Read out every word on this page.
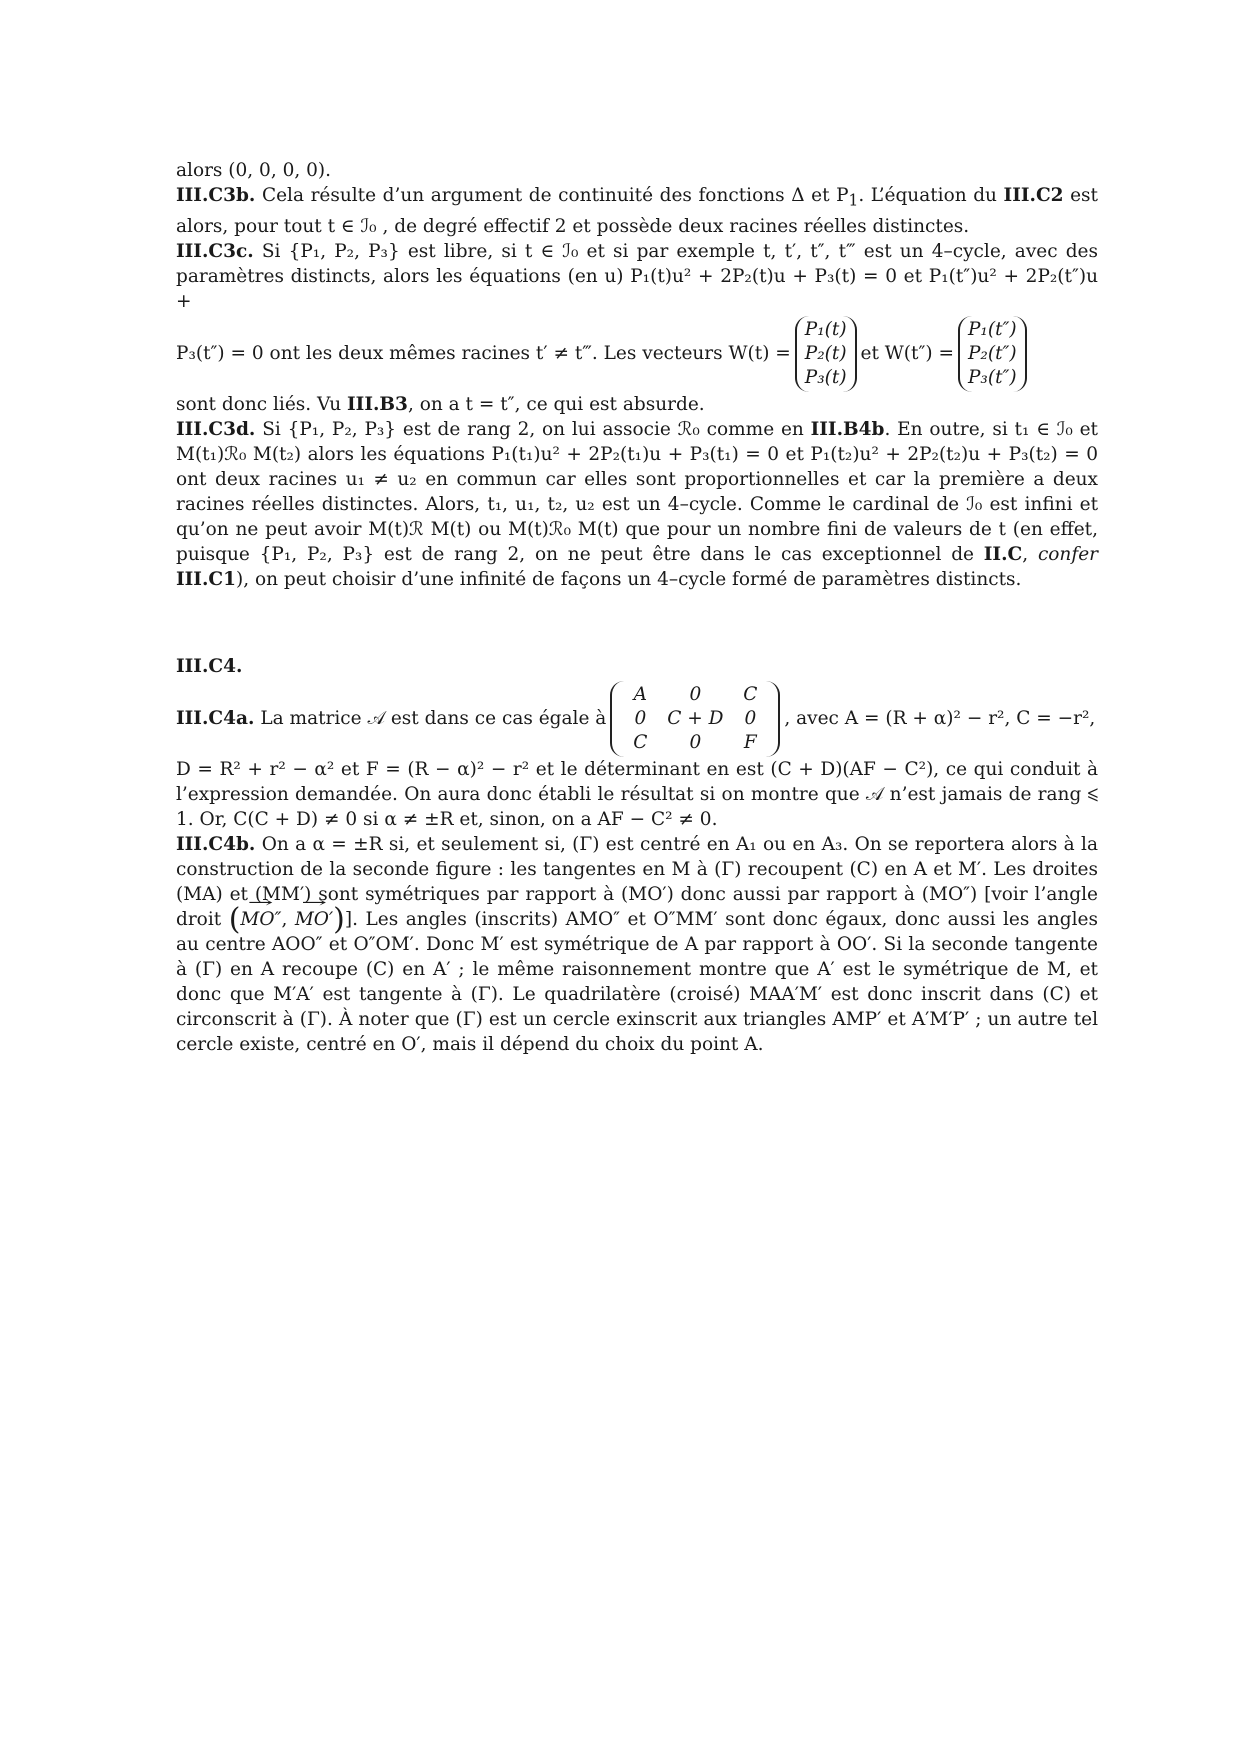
alors (0, 0, 0, 0).

III.C3b. Cela résulte d’un argument de continuité des fonctions Δ et $P_1$. L’équation du III.C2 est alors, pour tout t ∈ ℐ₀ , de degré effectif 2 et possède deux racines réelles distinctes.

III.C3c. Si {P₁, P₂, P₃} est libre, si t ∈ ℐ₀ et si par exemple t, t′, t″, t‴ est un 4–cycle, avec des paramètres distincts, alors les équations (en u) P₁(t)u² + 2P₂(t)u + P₃(t) = 0 et P₁(t″)u² + 2P₂(t″)u +

P₃(t″) = 0 ont les deux mêmes racines t′ ≠ t‴. Les vecteurs W(t) =
P₁(t)
P₂(t)
P₃(t)
et W(t″) =
P₁(t″)
P₂(t″)
P₃(t″)

sont donc liés. Vu III.B3, on a t = t″, ce qui est absurde.

III.C3d. Si {P₁, P₂, P₃} est de rang 2, on lui associe ℛ₀ comme en III.B4b. En outre, si t₁ ∈ ℐ₀ et M(t₁)ℛ₀ M(t₂) alors les équations P₁(t₁)u² + 2P₂(t₁)u + P₃(t₁) = 0 et P₁(t₂)u² + 2P₂(t₂)u + P₃(t₂) = 0 ont deux racines u₁ ≠ u₂ en commun car elles sont proportionnelles et car la première a deux racines réelles distinctes. Alors, t₁, u₁, t₂, u₂ est un 4–cycle. Comme le cardinal de ℐ₀ est infini et qu’on ne peut avoir M(t)ℛ M(t) ou M(t)ℛ₀ M(t) que pour un nombre fini de valeurs de t (en effet, puisque {P₁, P₂, P₃} est de rang 2, on ne peut être dans le cas exceptionnel de II.C, confer III.C1), on peut choisir d’une infinité de façons un 4–cycle formé de paramètres distincts.

III.C4.

III.C4a. La matrice 𝒜 est dans ce cas égale à
A	0	C
0	C + D	0
C	0	F
, avec A = (R + α)² − r², C = −r²,

D = R² + r² − α² et F = (R − α)² − r² et le déterminant en est (C + D)(AF − C²), ce qui conduit à l’expression demandée. On aura donc établi le résultat si on montre que 𝒜 n’est jamais de rang ⩽ 1. Or, C(C + D) ≠ 0 si α ≠ ±R et, sinon, on a AF − C² ≠ 0.

III.C4b. On a α = ±R si, et seulement si, (Γ) est centré en A₁ ou en A₃. On se reportera alors à la construction de la seconde figure : les tangentes en M à (Γ) recoupent (C) en A et M′. Les droites (MA) et (MM′) sont symétriques par rapport à (MO′) donc aussi par rapport à (MO″) [voir l’angle droit (→ MO″, → MO′)]. Les angles (inscrits) AMO″ et O″MM′ sont donc égaux, donc aussi les angles au centre AOO″ et O″OM′. Donc M′ est symétrique de A par rapport à OO′. Si la seconde tangente à (Γ) en A recoupe (C) en A′ ; le même raisonnement montre que A′ est le symétrique de M, et donc que M′A′ est tangente à (Γ). Le quadrilatère (croisé) MAA′M′ est donc inscrit dans (C) et circonscrit à (Γ). À noter que (Γ) est un cercle exinscrit aux triangles AMP′ et A′M′P′ ; un autre tel cercle existe, centré en O′, mais il dépend du choix du point A.
